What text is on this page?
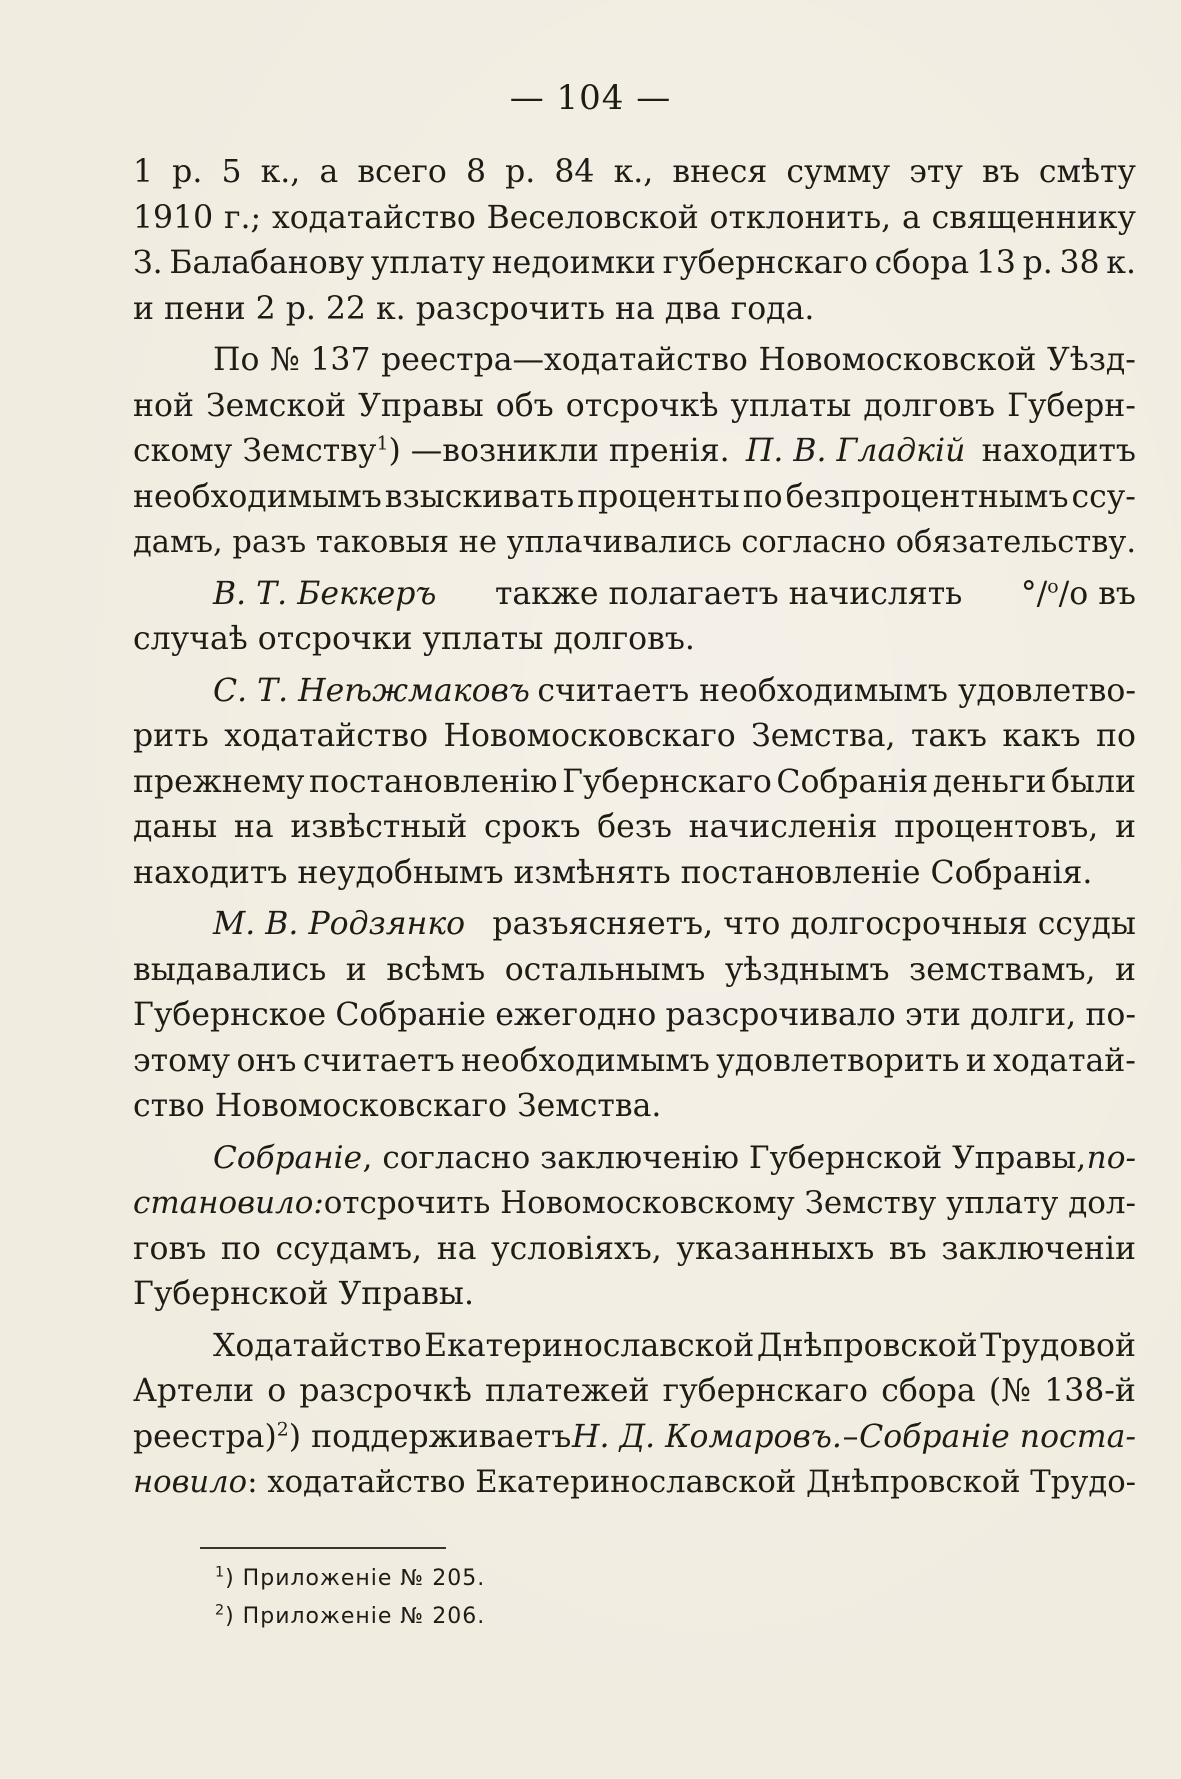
— 104 —
1 р. 5 к., а всего 8 р. 84 к., внеся сумму эту въ смѣту
1910 г.; ходатайство Веселовской отклонить, а священнику
З. Балабанову уплату недоимки губернскаго сбора 13 р. 38 к.
и пени 2 р. 22 к. разсрочить на два года.
По № 137 реестра—ходатайство Новомосковской Уѣзд-
ной Земской Управы объ отсрочкѣ уплаты долговъ Губерн-
скому Земству$^1$) —возникли пренія. П. В. Гладкій находитъ
необходимымъ взыскивать проценты по безпроцентнымъ ссу-
дамъ, разъ таковыя не уплачивались согласно обязательству.
В. Т. Беккеръ также полагаетъ начислять °/$^о$/о въ
случаѣ отсрочки уплаты долговъ.
С. Т. Неѣжмаковъ считаетъ необходимымъ удовлетво-
рить ходатайство Новомосковскаго Земства, такъ какъ по
прежнему постановленію Губернскаго Собранія деньги были
даны на извѣстный срокъ безъ начисленія процентовъ, и
находитъ неудобнымъ измѣнять постановленіе Собранія.
М. В. Родзянко разъясняетъ, что долгосрочныя ссуды
выдавались и всѣмъ остальнымъ уѣзднымъ земствамъ, и
Губернское Собраніе ежегодно разсрочивало эти долги, по-
этому онъ считаетъ необходимымъ удовлетворить и ходатай-
ство Новомосковскаго Земства.
Собраніе , согласно заключенію Губернской Управы, по-
становило: отсрочить Новомосковскому Земству уплату дол-
говъ по ссудамъ, на условіяхъ, указанныхъ въ заключеніи
Губернской Управы.
Ходатайство Екатеринославской Днѣпровской Трудовой
Артели о разсрочкѣ платежей губернскаго сбора (№ 138-й
реестра)$^2$) поддерживаетъ Н. Д. Комаровъ. – Собраніе поста-
новило : ходатайство Екатеринославской Днѣпровской Трудо-
$^1$) Приложеніе № 205.
$^2$) Приложеніе № 206.
